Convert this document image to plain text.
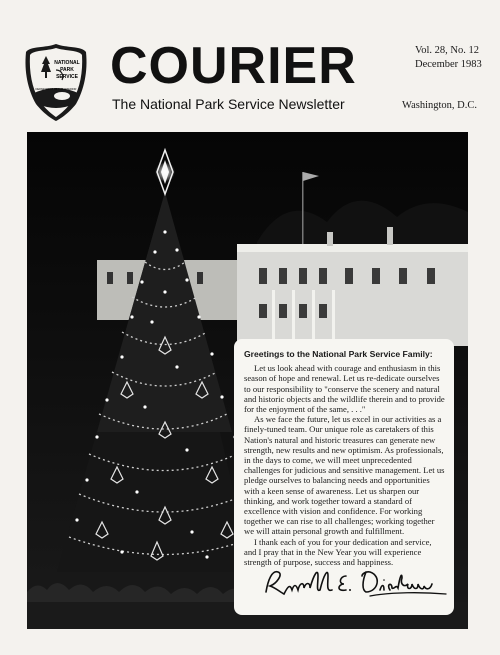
NATIONAL
PARK
SERVICE
DEPARTMENT OF THE INTERIOR COURIER
The National Park Service Newsletter
Vol. 28, No. 12
December 1983
Washington, D.C.
Greetings to the National Park Service Family:

Let us look ahead with courage and enthusiasm in this season of hope and renewal. Let us re-dedicate ourselves to our responsibility to "conserve the scenery and natural and historic objects and the wildlife therein and to provide for the enjoyment of the same, . . ."

As we face the future, let us excel in our activities as a finely-tuned team. Our unique role as caretakers of this Nation's natural and historic treasures can generate new strength, new results and new optimism. As professionals, in the days to come, we will meet unprecedented challenges for judicious and sensitive management. Let us pledge ourselves to balancing needs and opportunities with a keen sense of awareness. Let us sharpen our thinking, and work together toward a standard of excellence with vision and confidence. For working together we can rise to all challenges; working together we will attain personal growth and fulfillment.

I thank each of you for your dedication and service, and I pray that in the New Year you will experience strength of purpose, success and happiness.
